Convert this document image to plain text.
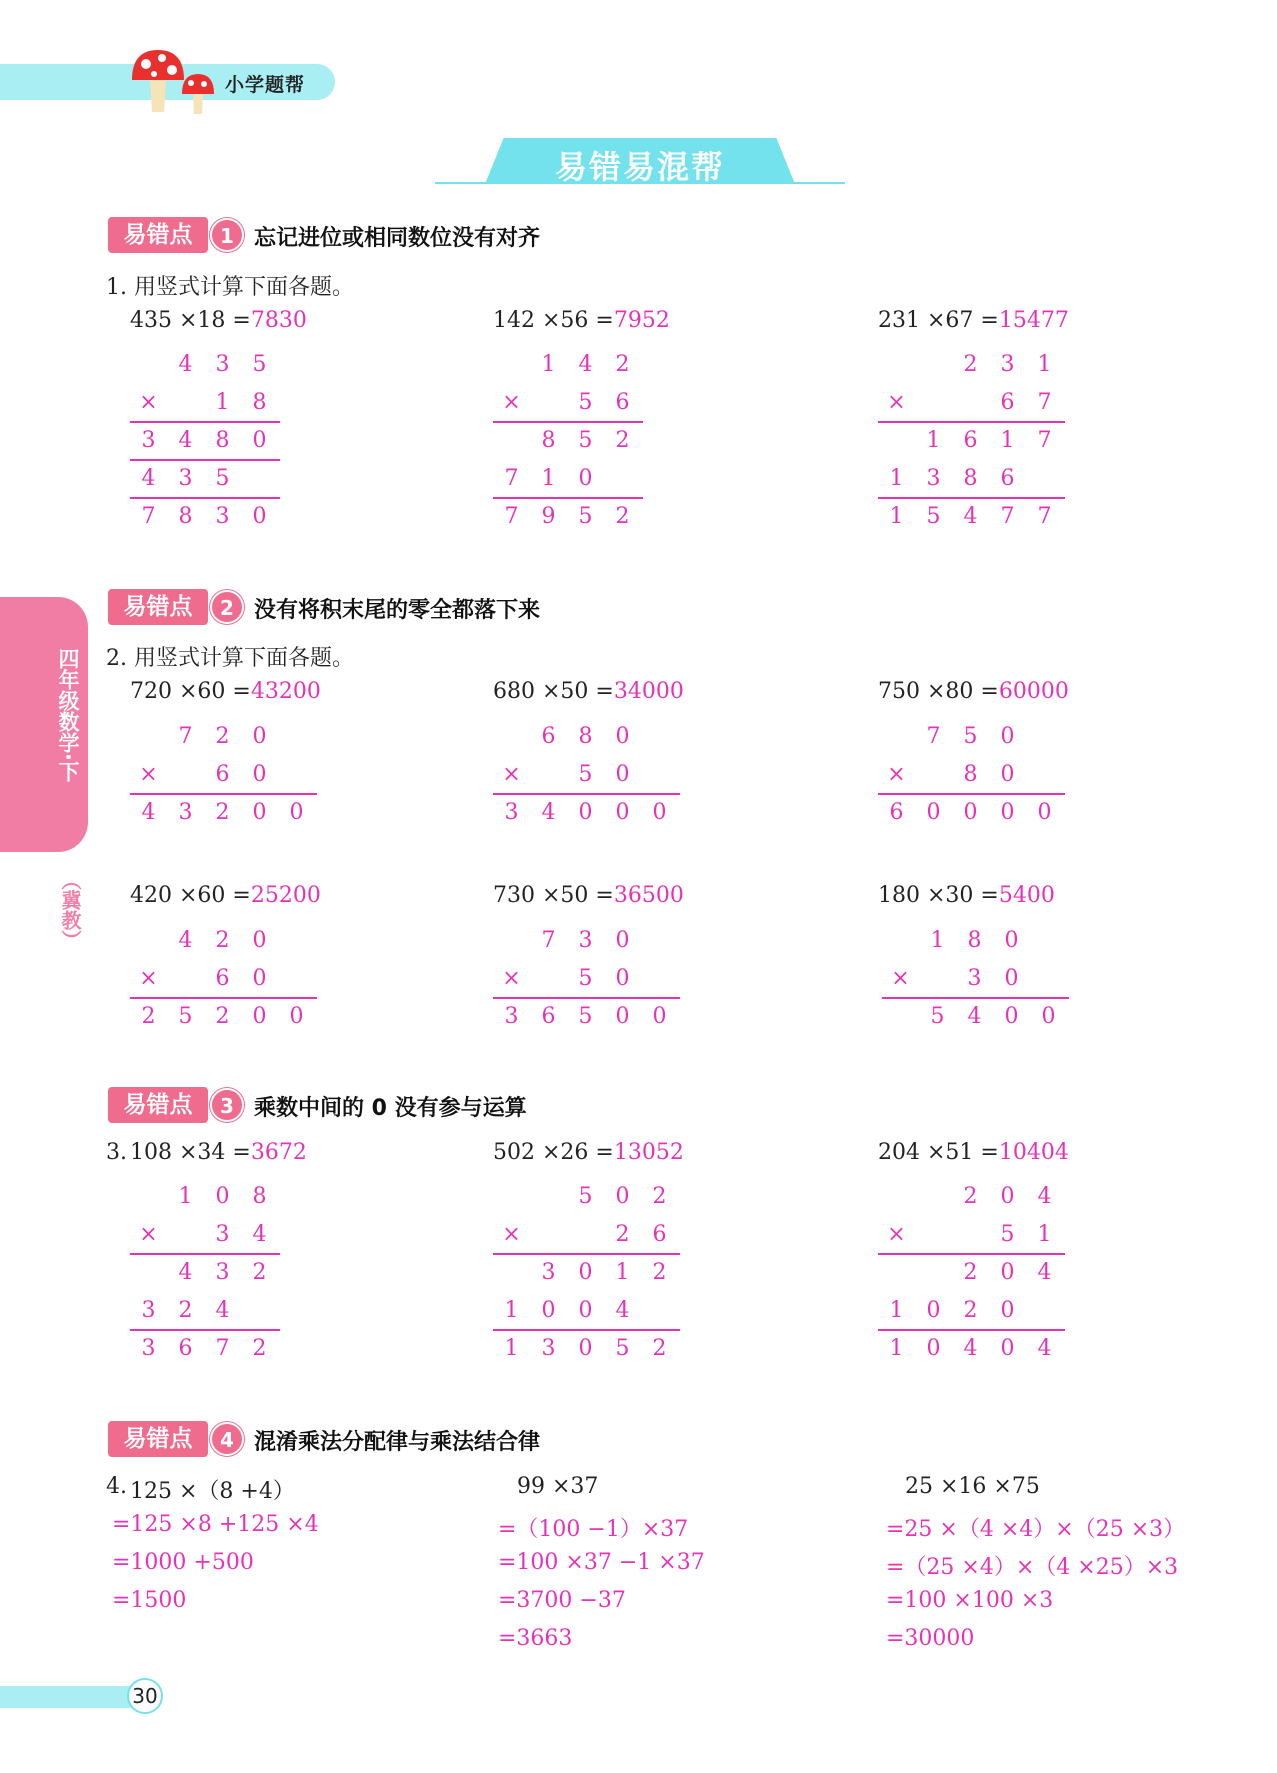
小学题帮
易错易混帮
四年级数学·下
（冀教）
易错点	1 忘记进位或相同数位没有对齐
1. 用竖式计算下面各题。
435 ×18 =7830	142 ×56 =7952	231 ×67 =15477
4	3	5
×	1	8
3	4	8	0
4	3	5
7	8	3	0
1	4	2
×	5	6
8	5	2
7	1	0
7	9	5	2
2	3	1
×	6	7
1	6	1	7
1	3	8	6
1	5	4	7	7
易错点	2 没有将积末尾的零全都落下来
2. 用竖式计算下面各题。
720 ×60 =43200	680 ×50 =34000	750 ×80 =60000
7	2	0
×	6	0
4	3	2	0	0
6	8	0
×	5	0
3	4	0	0	0
7	5	0
×	8	0
6	0	0	0	0
420 ×60 =25200	730 ×50 =36500	180 ×30 =5400
4	2	0
×	6	0
2	5	2	0	0
7	3	0
×	5	0
3	6	5	0	0
1	8	0
×	3	0
5	4	0	0
易错点	3 乘数中间的 0 没有参与运算
3. 108 ×34 =3672	502 ×26 =13052	204 ×51 =10404
1	0	8
×	3	4
4	3	2
3	2	4
3	6	7	2
5	0	2
×	2	6
3	0	1	2
1	0	0	4
1	3	0	5	2
2	0	4
×	5	1
2	0	4
1	0	2	0
1	0	4	0	4
易错点	4 混淆乘法分配律与乘法结合律
4. 125 ×（8 +4）	99 ×37	25 ×16 ×75
=125 ×8 +125 ×4
=1000 +500
=1500
=（100 −1）×37
=100 ×37 −1 ×37
=3700 −37
=3663
=25 ×（4 ×4）×（25 ×3）
=（25 ×4）×（4 ×25）×3
=100 ×100 ×3
=30000
30
